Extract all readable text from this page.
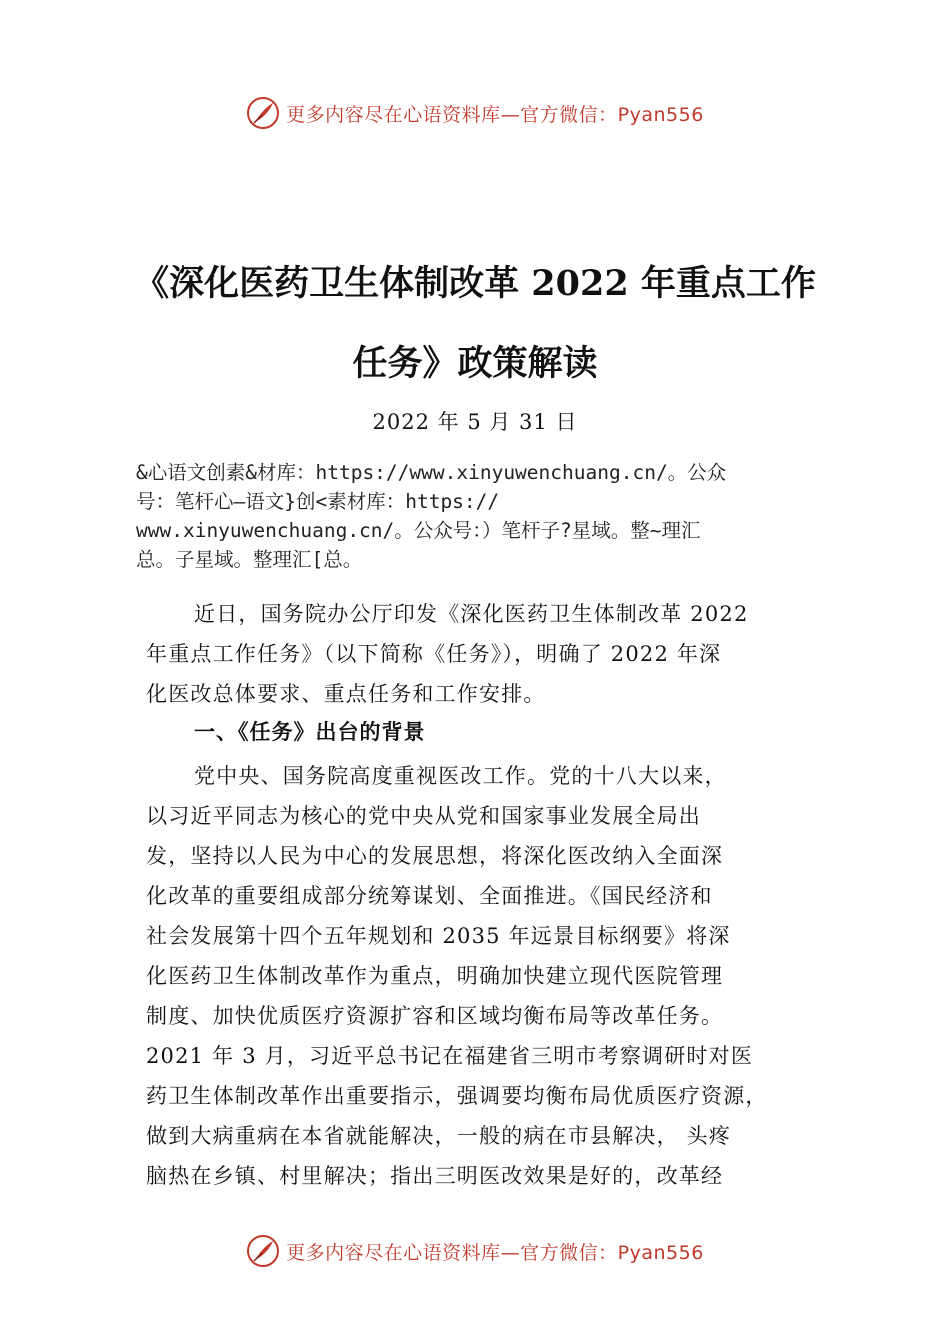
更多内容尽在心语资料库—官方微信：Pyan556
《深化医药卫生体制改革 2022 年重点工作
任务》政策解读
2022 年 5 月 31 日
&心语文创素&材库：https://www.xinyuwenchuang.cn/。公众
号：笔杆心—语文}创<素材库：https://
www.xinyuwenchuang.cn/。公众号：）笔杆子?星域。整~理汇
总。子星域。整理汇[总。
近日，国务院办公厅印发《深化医药卫生体制改革 2022
年重点工作任务》（以下简称《任务》），明确了 2022 年深
化医改总体要求、重点任务和工作安排。
一、《任务》出台的背景
党中央、国务院高度重视医改工作。党的十八大以来，
以习近平同志为核心的党中央从党和国家事业发展全局出
发，坚持以人民为中心的发展思想，将深化医改纳入全面深
化改革的重要组成部分统筹谋划、全面推进。《国民经济和
社会发展第十四个五年规划和 2035 年远景目标纲要》将深
化医药卫生体制改革作为重点，明确加快建立现代医院管理
制度、加快优质医疗资源扩容和区域均衡布局等改革任务。
2021 年 3 月，习近平总书记在福建省三明市考察调研时对医
药卫生体制改革作出重要指示，强调要均衡布局优质医疗资源，
做到大病重病在本省就能解决，一般的病在市县解决， 头疼
脑热在乡镇、村里解决；指出三明医改效果是好的，改革经
更多内容尽在心语资料库—官方微信：Pyan556
